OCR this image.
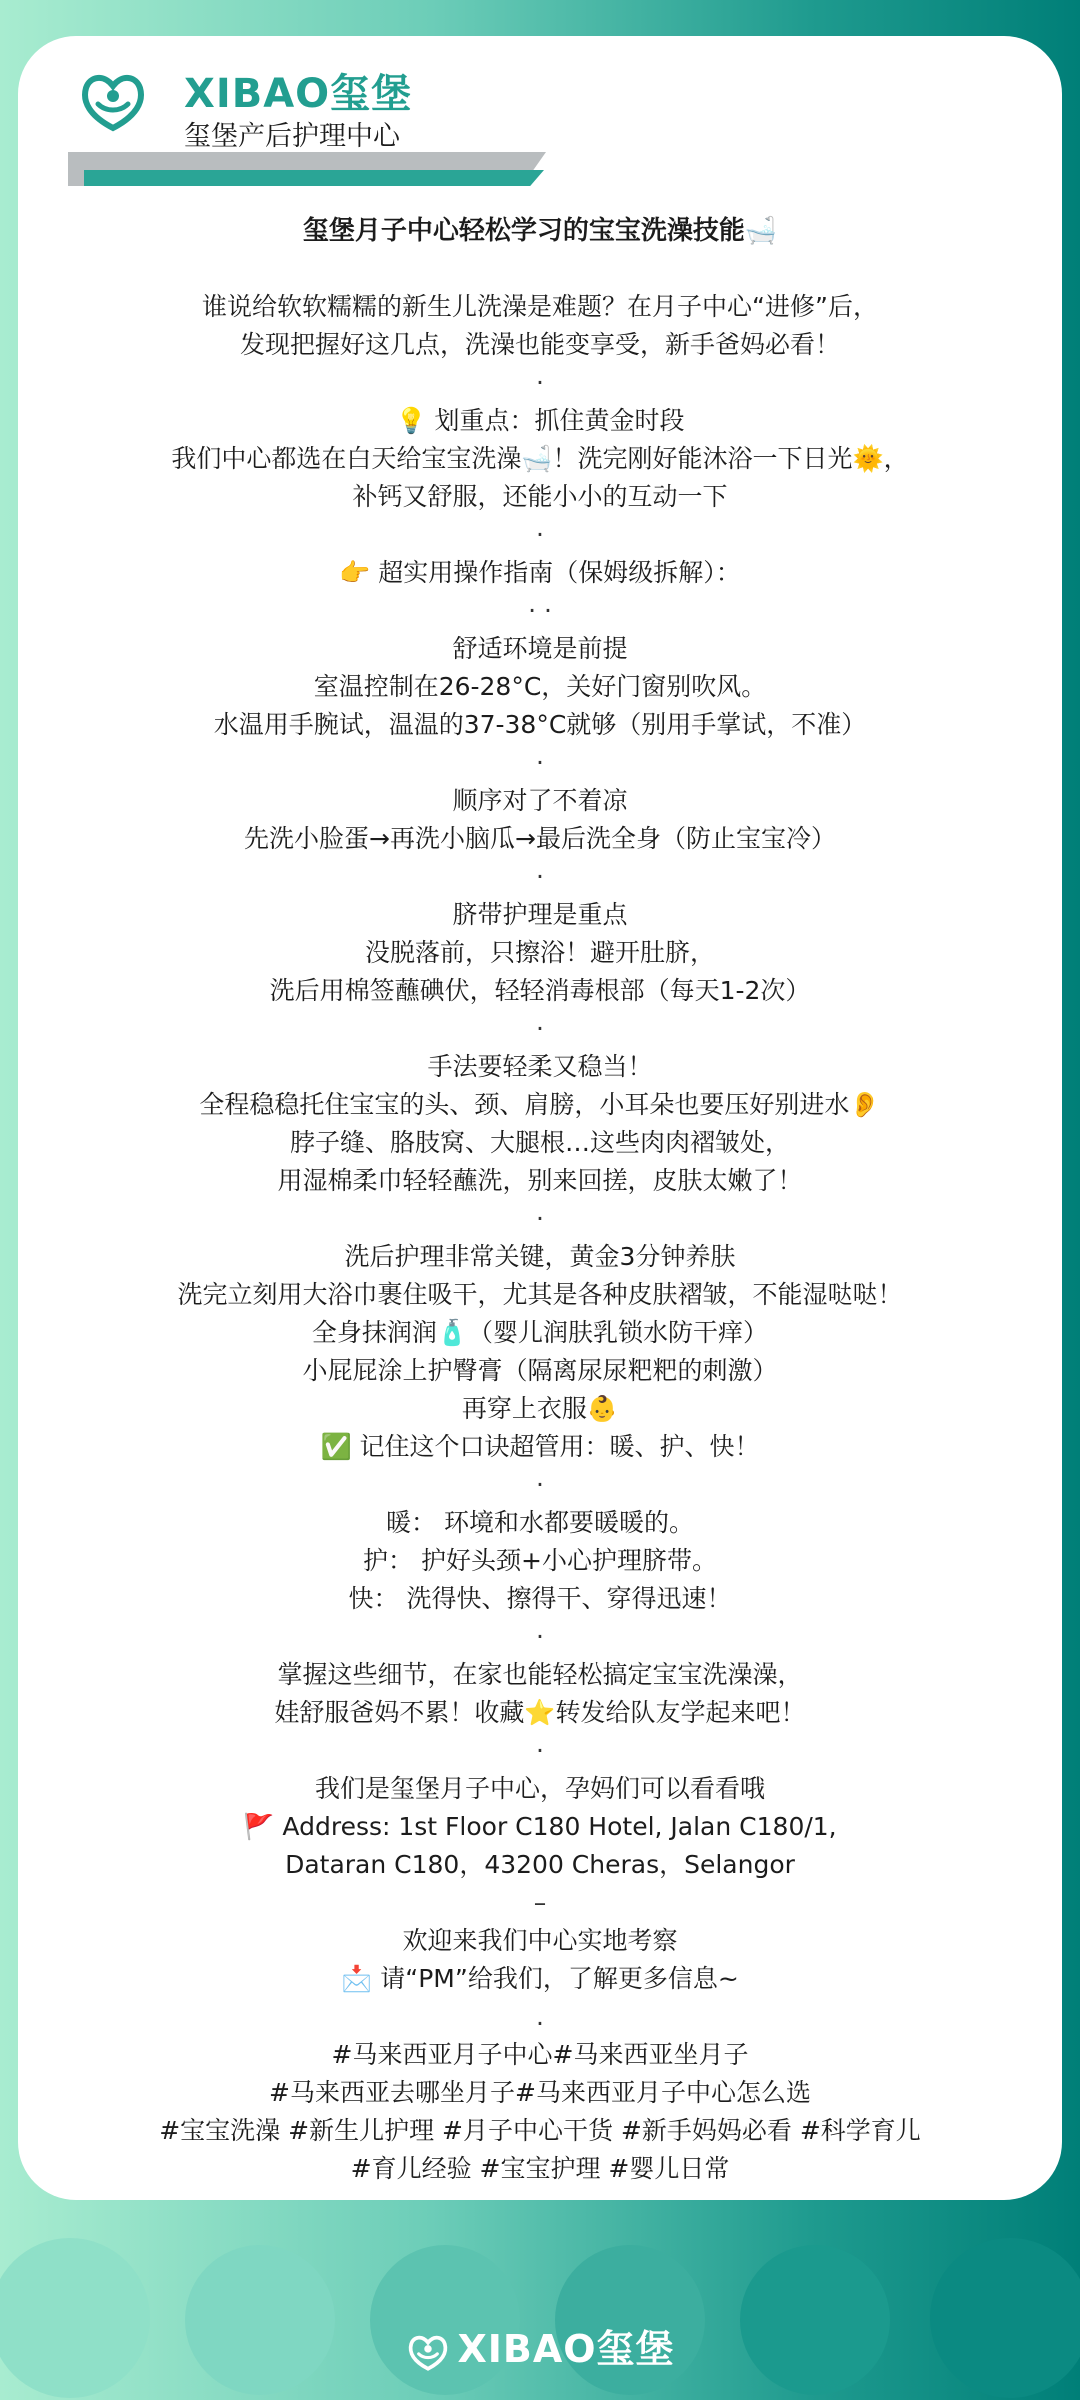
XIBAO玺堡
玺堡产后护理中心
玺堡月子中心轻松学习的宝宝洗澡技能🛁
谁说给软软糯糯的新生儿洗澡是难题？在月子中心“进修”后，
发现把握好这几点，洗澡也能变享受，新手爸妈必看！
·
💡 划重点：抓住黄金时段
我们中心都选在白天给宝宝洗澡🛁！洗完刚好能沐浴一下日光🌞，
补钙又舒服，还能小小的互动一下
·
👉 超实用操作指南（保姆级拆解）：
· ·
舒适环境是前提
室温控制在26-28°C，关好门窗别吹风。
水温用手腕试，温温的37-38°C就够（别用手掌试，不准）
·
顺序对了不着凉
先洗小脸蛋→再洗小脑瓜→最后洗全身（防止宝宝冷）
·
脐带护理是重点
没脱落前，只擦浴！避开肚脐，
洗后用棉签蘸碘伏，轻轻消毒根部（每天1-2次）
·
手法要轻柔又稳当！
全程稳稳托住宝宝的头、颈、肩膀，小耳朵也要压好别进水👂
脖子缝、胳肢窝、大腿根…这些肉肉褶皱处，
用湿棉柔巾轻轻蘸洗，别来回搓，皮肤太嫩了！
·
洗后护理非常关键，黄金3分钟养肤
洗完立刻用大浴巾裹住吸干，尤其是各种皮肤褶皱，不能湿哒哒！
全身抹润润🧴（婴儿润肤乳锁水防干痒）
小屁屁涂上护臀膏（隔离尿尿粑粑的刺激）
再穿上衣服👶
✅ 记住这个口诀超管用：暖、护、快！
·
暖： 环境和水都要暖暖的。
护： 护好头颈+小心护理脐带。
快： 洗得快、擦得干、穿得迅速！
·
掌握这些细节，在家也能轻松搞定宝宝洗澡澡，
娃舒服爸妈不累！收藏⭐转发给队友学起来吧！
·
我们是玺堡月子中心，孕妈们可以看看哦
🚩 Address: 1st Floor C180 Hotel, Jalan C180/1,
Dataran C180，43200 Cheras，Selangor
–
欢迎来我们中心实地考察
📩 请“PM”给我们，了解更多信息~
.
#马来西亚月子中心#马来西亚坐月子
#马来西亚去哪坐月子#马来西亚月子中心怎么选
#宝宝洗澡 #新生儿护理 #月子中心干货 #新手妈妈必看 #科学育儿
#育儿经验 #宝宝护理 #婴儿日常
XIBAO玺堡
